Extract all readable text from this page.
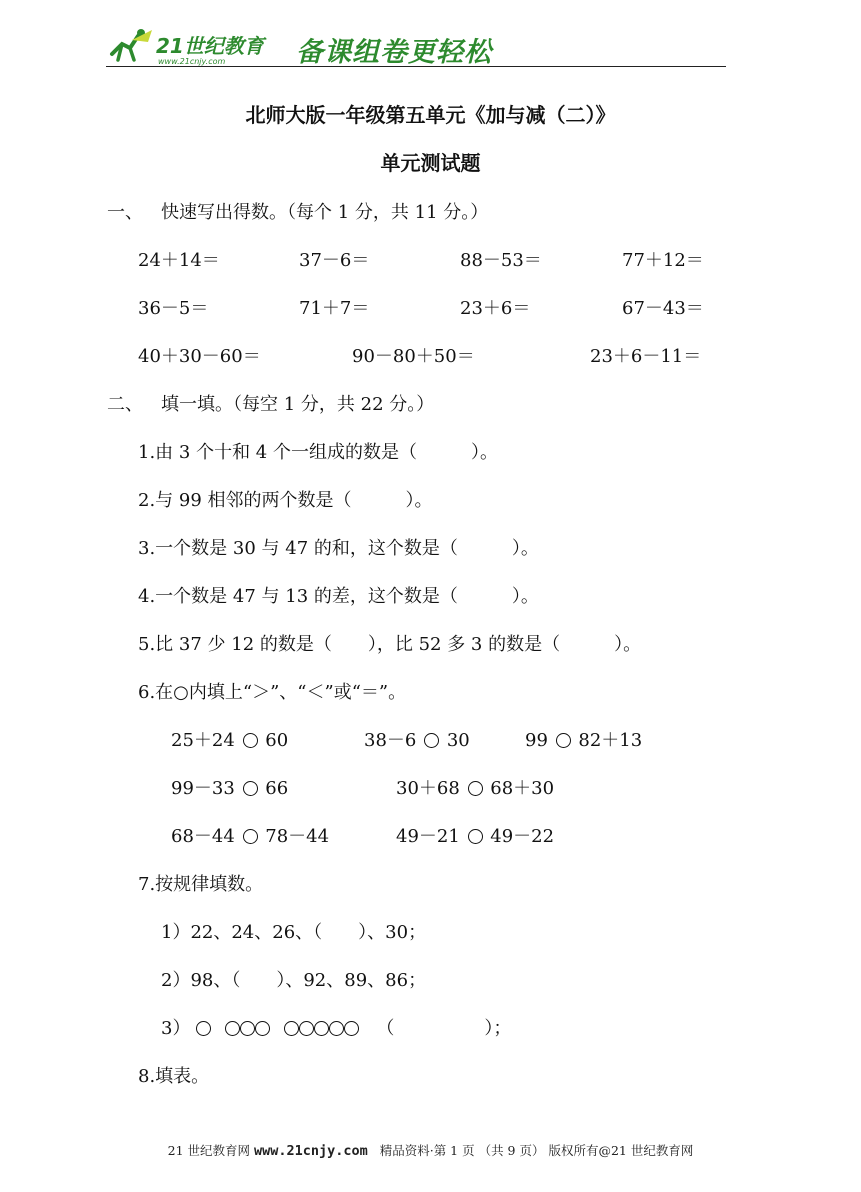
21世纪教育
www.21cnjy.com	备课组卷更轻松
北师大版一年级第五单元《加与减（二）》
单元测试题
一、 快速写出得数。（每个 1 分，共 11 分。）
24＋14＝	37－6＝	88－53＝	77＋12＝
36－5＝	71＋7＝	23＋6＝	67－43＝
40＋30－60＝	90－80＋50＝	23＋6－11＝
二、 填一填。（每空 1 分，共 22 分。）
1.由 3 个十和 4 个一组成的数是（　　　）。
2.与 99 相邻的两个数是（　　　）。
3.一个数是 30 与 47 的和，这个数是（　　　）。
4.一个数是 47 与 13 的差，这个数是（　　　）。
5.比 37 少 12 的数是（　　），比 52 多 3 的数是（　　　）。
6.在○内填上“＞”、“＜”或“＝”。
25＋24 60	38－6 30	99 82＋13
99－33 66	30＋68 68＋30
68－44 78－44	49－21 49－22
7.按规律填数。
1）22、24、26、（　　）、30；
2）98、（　　）、92、89、86；
3）	（　　　　　）；
8.填表。
21 世纪教育网 www.21cnjy.com 精品资料·第 1 页 （共 9 页） 版权所有@21 世纪教育网
